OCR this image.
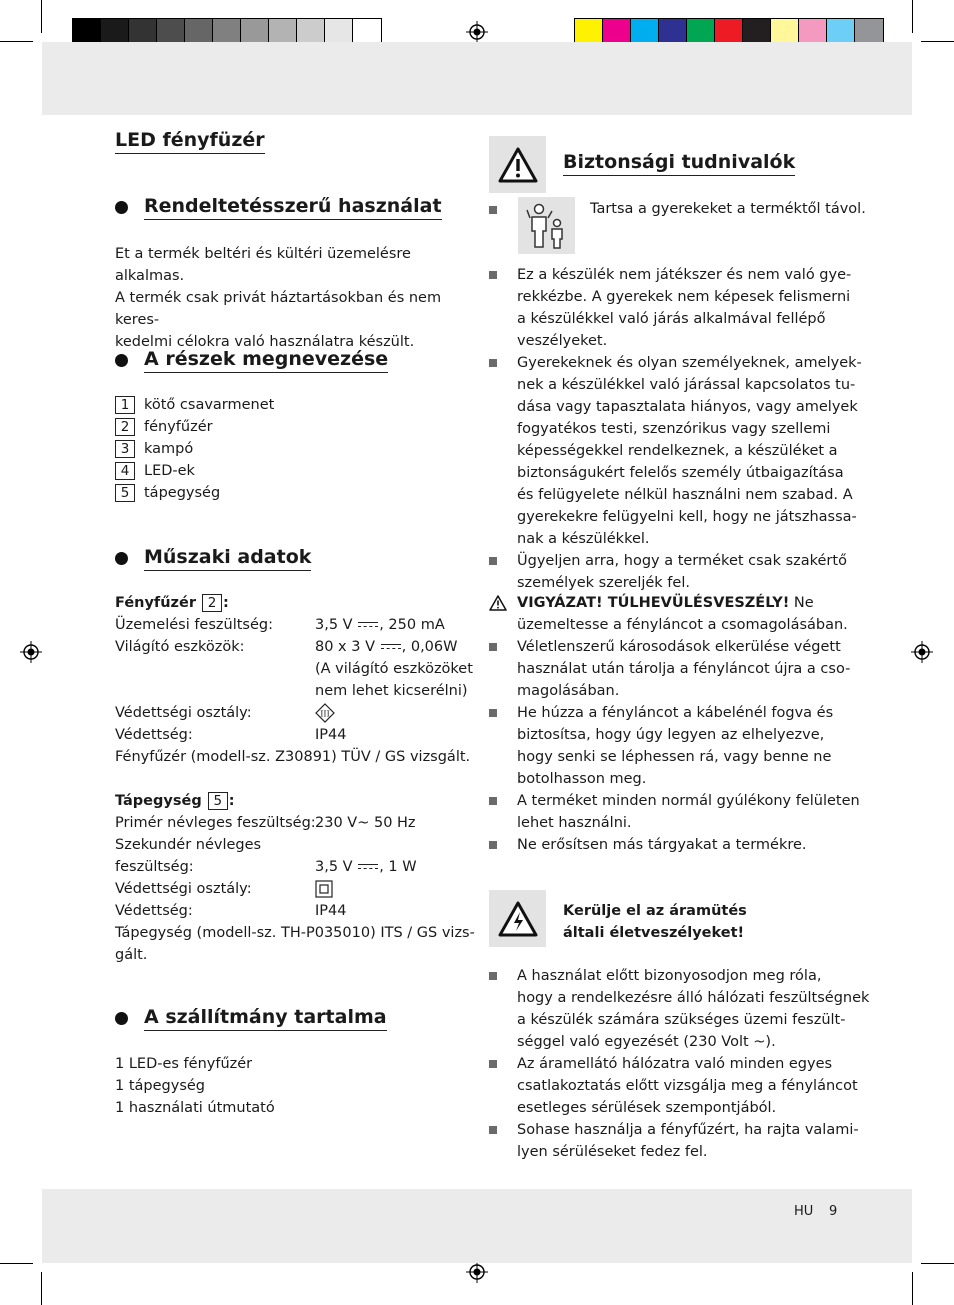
LED fényfüzér
Rendeltetésszerű használat
Et a termék beltéri és kültéri üzemelésre alkalmas.
A termék csak privát háztartásokban és nem keres-
kedelmi célokra való használatra készült.
A részek megnevezése
1	kötő csavarmenet
2	fényfűzér
3	kampó
4	LED-ek
5	tápegység
Műszaki adatok
Fényfűzér 2 :
Üzemelési feszültség:	3,5 V , 250 mA
Világító eszközök:	80 x 3 V , 0,06W
(A világító eszközöket
nem lehet kicserélni)
Védettségi osztály:	III
Védettség:	IP44
Fényfűzér (modell-sz. Z30891) TÜV / GS vizsgált.
Tápegység 5 :
Primér névleges feszültség: 230 V~ 50 Hz
Szekundér névleges
feszültség:	3,5 V , 1 W
Védettségi osztály:
Védettség:	IP44
Tápegység (modell-sz. TH-P035010) ITS / GS vizs-
gált.
A szállítmány tartalma
1 LED-es fényfűzér
1 tápegység
1 használati útmutató
Biztonsági tudnivalók
Tartsa a gyerekeket a terméktől távol.
Ez a készülék nem játékszer és nem való gye-
rekkézbe. A gyerekek nem képesek felismerni
a készülékkel való járás alkalmával fellépő
veszélyeket.
Gyerekeknek és olyan személyeknek, amelyek-
nek a készülékkel való járással kapcsolatos tu-
dása vagy tapasztalata hiányos, vagy amelyek
fogyatékos testi, szenzórikus vagy szellemi
képességekkel rendelkeznek, a készüléket a
biztonságukért felelős személy útbaigazítása
és felügyelete nélkül használni nem szabad. A
gyerekekre felügyelni kell, hogy ne játszhassa-
nak a készülékkel.
Ügyeljen arra, hogy a terméket csak szakértő
személyek szereljék fel.
VIGYÁZAT! TÚLHEVÜLÉSVESZÉLY! Ne
üzemeltesse a fényláncot a csomagolásában.
Véletlenszerű károsodások elkerülése végett
használat után tárolja a fényláncot újra a cso-
magolásában.
He húzza a fényláncot a kábelénél fogva és
biztosítsa, hogy úgy legyen az elhelyezve,
hogy senki se léphessen rá, vagy benne ne
botolhasson meg.
A terméket minden normál gyúlékony felületen
lehet használni.
Ne erősítsen más tárgyakat a termékre.
Kerülje el az áramütés
általi életveszélyeket!
A használat előtt bizonyosodjon meg róla,
hogy a rendelkezésre álló hálózati feszültségnek
a készülék számára szükséges üzemi feszült-
séggel való egyezését (230 Volt ~).
Az áramellátó hálózatra való minden egyes
csatlakoztatás előtt vizsgálja meg a fényláncot
esetleges sérülések szempontjából.
Sohase használja a fényfűzért, ha rajta valami-
lyen sérüléseket fedez fel.
HU 9
